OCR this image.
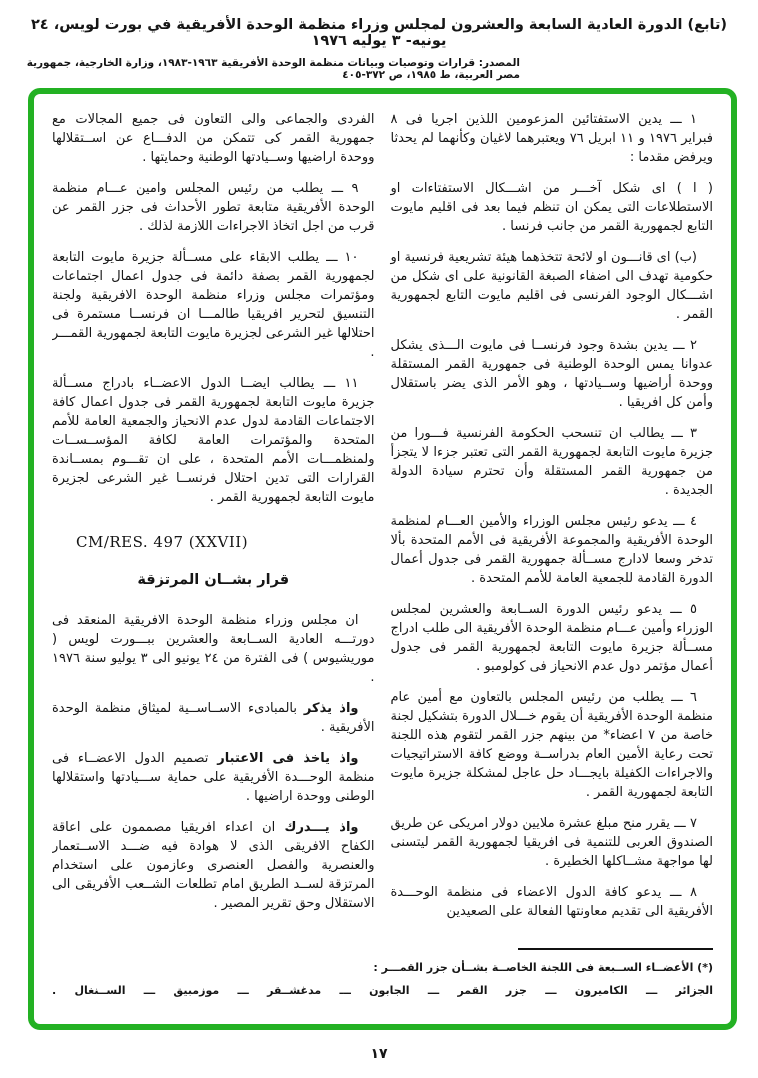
(تابع) الدورة العادية السابعة والعشرون لمجلس وزراء منظمة الوحدة الأفريقية في بورت لويس، ٢٤ يونيه- ٣ يوليه ١٩٧٦
المصدر: قرارات وتوصيات وبيانات منظمة الوحدة الأفريقية ١٩٦٣-١٩٨٣، وزارة الخارجية، جمهورية مصر العربية، ط ١٩٨٥، ص ٣٧٢-٤٠٥

١ ـــ يدين الاستفتائين المزعومين اللذين اجريا فى ٨ فبراير ١٩٧٦ و ١١ ابريل ٧٦ ويعتبرهما لاغيان وكأنهما لم يحدثا ويرفض مقدما :

( ا ) اى شكل آخـــر من اشـــكال الاستفتاءات او الاستطلاعات التى يمكن ان تنظم فيما بعد فى اقليم مايوت التابع لجمهورية القمر من جانب فرنسا .

(ب) اى قانـــون او لائحة تتخذهما هيئة تشريعية فرنسية او حكومية تهدف الى اضفاء الصبغة القانونية على اى شكل من اشـــكال الوجود الفرنسى فى اقليم مايوت التابع لجمهورية القمر .

٢ ـــ يدين بشدة وجود فرنســا فى مايوت الـــذى يشكل عدوانا يمس الوحدة الوطنية فى جمهورية القمر المستقلة ووحدة أراضيها وســيادتها ، وهو الأمر الذى يضر باستقلال وأمن كل افريقيا .

٣ ـــ يطالب ان تنسحب الحكومة الفرنسية فـــورا من جزيرة مايوت التابعة لجمهورية القمر التى تعتبر جزءا لا يتجزأ من جمهورية القمر المستقلة وأن تحترم سيادة الدولة الجديدة .

٤ ـــ يدعو رئيس مجلس الوزراء والأمين العـــام لمنظمة الوحدة الأفريقية والمجموعة الأفريقية فى الأمم المتحدة بألا تدخر وسعا لادارج مســألة جمهورية القمر فى جدول أعمال الدورة القادمة للجمعية العامة للأمم المتحدة .

٥ ـــ يدعو رئيس الدورة الســابعة والعشرين لمجلس الوزراء وأمين عـــام منظمة الوحدة الأفريقية الى طلب ادراج مســألة جزيرة مايوت التابعة لجمهورية القمر فى جدول أعمال مؤتمر دول عدم الانحياز فى كولومبو .

٦ ـــ يطلب من رئيس المجلس بالتعاون مع أمين عام منظمة الوحدة الأفريقية أن يقوم خـــلال الدورة بتشكيل لجنة خاصة من ٧ اعضاء* من بينهم جزر القمر لتقوم هذه اللجنة تحت رعاية الأمين العام بدراســة ووضع كافة الاستراتيجيات والاجراءات الكفيلة بايجـــاد حل عاجل لمشكلة جزيرة مايوت التابعة لجمهورية القمر .

٧ ـــ يقرر منح مبلغ عشرة ملايين دولار امريكى عن طريق الصندوق العربى للتنمية فى افريقيا لجمهورية القمر ليتسنى لها مواجهة مشــاكلها الخطيرة .

٨ ـــ يدعو كافة الدول الاعضاء فى منظمة الوحـــدة الأفريقية الى تقديم معاونتها الفعالة على الصعيدين

الفردى والجماعى والى التعاون فى جميع المجالات مع جمهورية القمر كى تتمكن من الدفـــاع عن اســتقلالها ووحدة اراضيها وســيادتها الوطنية وحمايتها .

٩ ـــ يطلب من رئيس المجلس وامين عـــام منظمة الوحدة الأفريقية متابعة تطور الأحداث فى جزر القمر عن قرب من اجل اتخاذ الاجراءات اللازمة لذلك .

١٠ ـــ يطلب الابقاء على مســألة جزيرة مايوت التابعة لجمهورية القمر بصفة دائمة فى جدول اعمال اجتماعات ومؤتمرات مجلس وزراء منظمة الوحدة الافريقية ولجنة التنسيق لتحرير افريقيا طالمـــا ان فرنســا مستمرة فى احتلالها غير الشرعى لجزيرة مايوت التابعة لجمهورية القمـــر .

١١ ـــ يطالب ايضــا الدول الاعضــاء بادراج مســألة جزيرة مايوت التابعة لجمهورية القمر فى جدول اعمال كافة الاجتماعات القادمة لدول عدم الانحياز والجمعية العامة للأمم المتحدة والمؤتمرات العامة لكافة المؤســســات ولمنظمـــات الأمم المتحدة ، على ان تقـــوم بمســاندة القرارات التى تدين احتلال فرنســا غير الشرعى لجزيرة مايوت التابعة لجمهورية القمر .

CM/RES. 497 (XXVII)
قرار بشــان المرتزقة

ان مجلس وزراء منظمة الوحدة الافريقية المنعقد فى دورتـــه العادية الســابعة والعشرين ببـــورت لويس ( موريشيوس ) فى الفترة من ٢٤ يونيو الى ٣ يوليو سنة ١٩٧٦ .

واذ يذكر بالمبادىء الاســاســية لميثاق منظمة الوحدة الأفريقية .

واذ ياخذ فى الاعتبار تصميم الدول الاعضــاء فى منظمة الوحـــدة الأفريقية على حماية ســـيادتها واستقلالها الوطنى ووحدة اراضيها .

واذ يـــدرك ان اعداء افريقيا مصممون على اعاقة الكفاح الافريقى الذى لا هوادة فيه ضـــد الاســتعمار والعنصرية والفصل العنصرى وعازمون على استخدام المرتزقة لســد الطريق امام تطلعات الشــعب الأفريقى الى الاستقلال وحق تقرير المصير .

(*) الأعضــاء الســبعة فى اللجنة الخاصــة بشــأن جزر القمـــر :
الجزائر ـــ الكاميرون ـــ جزر القمر ـــ الجابون ـــ مدغشــقر ـــ موزمبيق ـــ الســنغال .
١٧
